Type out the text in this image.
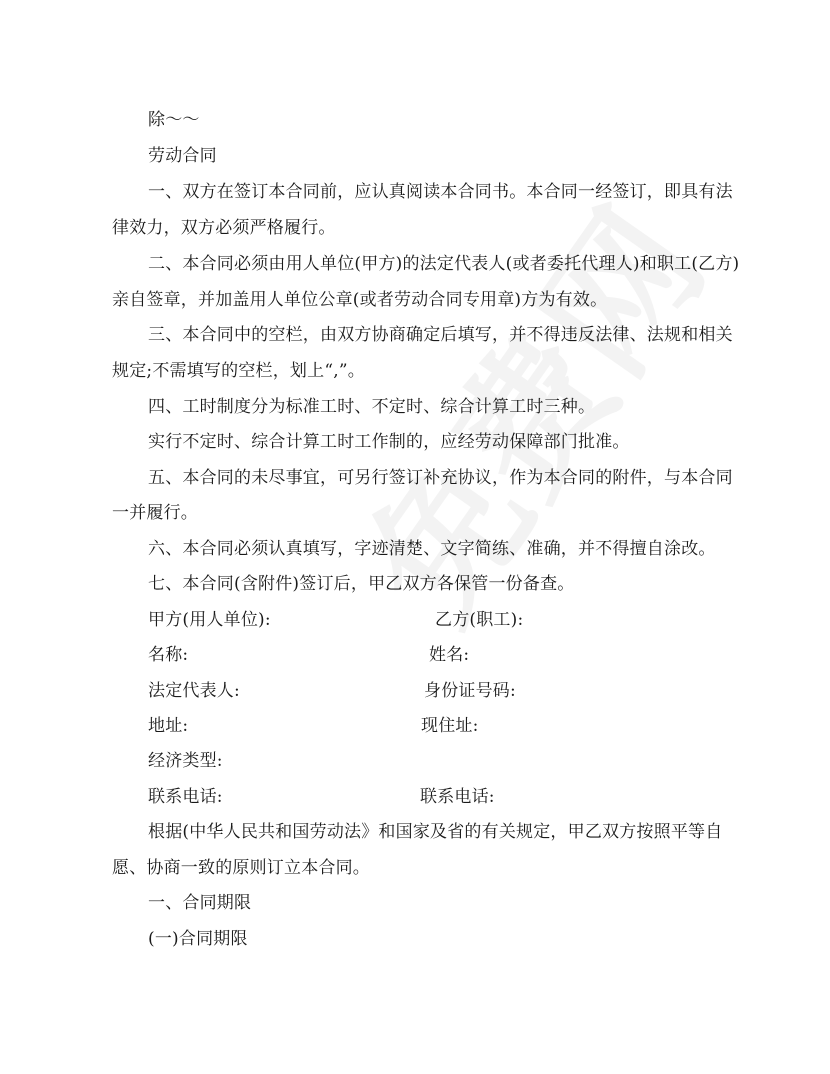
除～～
劳动合同
一、双方在签订本合同前，应认真阅读本合同书。本合同一经签订，即具有法
律效力，双方必须严格履行。
二、本合同必须由用人单位(甲方)的法定代表人(或者委托代理人)和职工(乙方)
亲自签章，并加盖用人单位公章(或者劳动合同专用章)方为有效。
三、本合同中的空栏，由双方协商确定后填写，并不得违反法律、法规和相关
规定;不需填写的空栏，划上“,”。
四、工时制度分为标准工时、不定时、综合计算工时三种。
实行不定时、综合计算工时工作制的，应经劳动保障部门批准。
五、本合同的未尽事宜，可另行签订补充协议，作为本合同的附件，与本合同
一并履行。
六、本合同必须认真填写，字迹清楚、文字简练、准确，并不得擅自涂改。
七、本合同(含附件)签订后，甲乙双方各保管一份备查。
甲方(用人单位):	乙方(职工):
名称:	姓名:
法定代表人:	身份证号码:
地址:	现住址:
经济类型:
联系电话:	联系电话:
根据(中华人民共和国劳动法》和国家及省的有关规定，甲乙双方按照平等自
愿、协商一致的原则订立本合同。
一、合同期限
(一)合同期限
